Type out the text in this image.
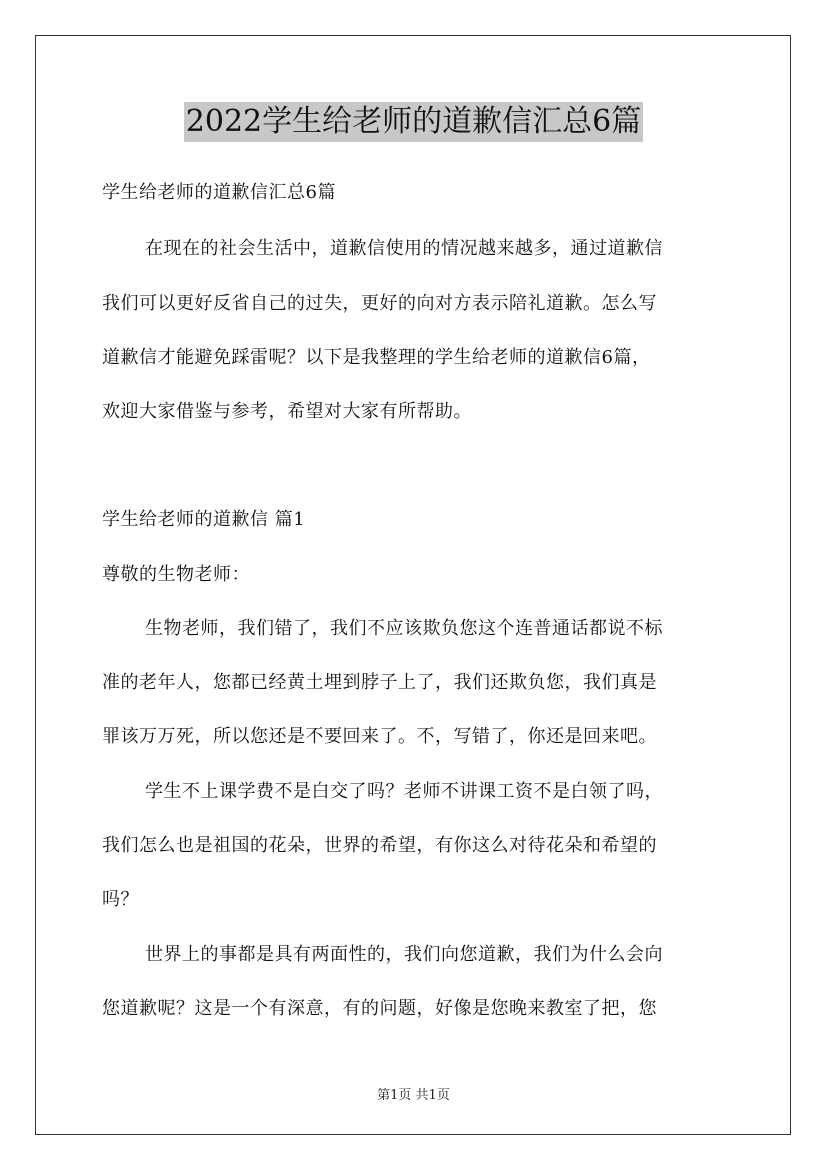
2022学生给老师的道歉信汇总6篇
学生给老师的道歉信汇总6篇
在现在的社会生活中，道歉信使用的情况越来越多，通过道歉信
我们可以更好反省自己的过失，更好的向对方表示陪礼道歉。怎么写
道歉信才能避免踩雷呢？以下是我整理的学生给老师的道歉信6篇，
欢迎大家借鉴与参考，希望对大家有所帮助。
学生给老师的道歉信 篇1
尊敬的生物老师：
生物老师，我们错了，我们不应该欺负您这个连普通话都说不标
准的老年人，您都已经黄土埋到脖子上了，我们还欺负您，我们真是
罪该万万死，所以您还是不要回来了。不，写错了，你还是回来吧。
学生不上课学费不是白交了吗？老师不讲课工资不是白领了吗，
我们怎么也是祖国的花朵，世界的希望，有你这么对待花朵和希望的
吗？
世界上的事都是具有两面性的，我们向您道歉，我们为什么会向
您道歉呢？这是一个有深意，有的问题，好像是您晚来教室了把，您
第1页 共1页
